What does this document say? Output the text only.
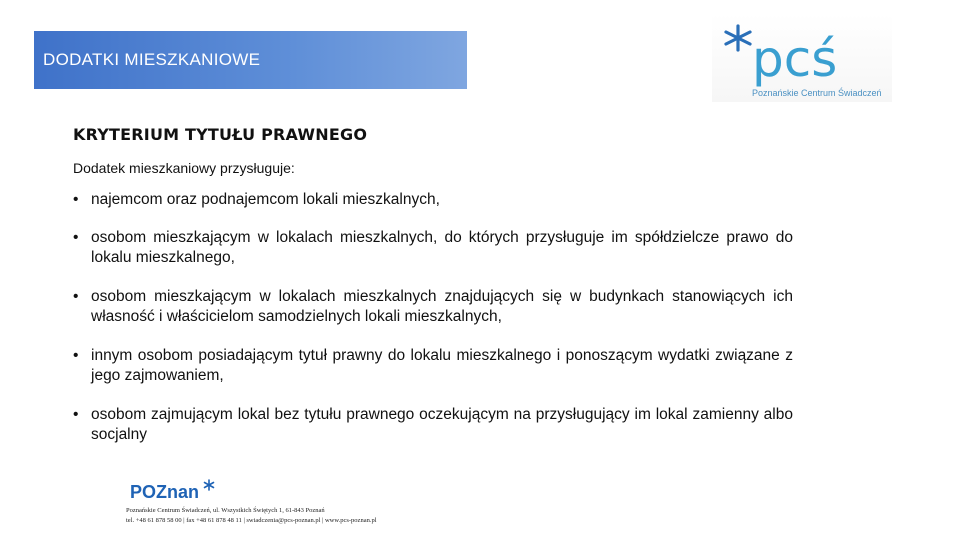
DODATKI MIESZKANIOWE	pcś
Poznańskie Centrum Świadczeń
KRYTERIUM TYTUŁU PRAWNEGO
Dodatek mieszkaniowy przysługuje:
• najemcom oraz podnajemcom lokali mieszkalnych,
• osobom mieszkającym w lokalach mieszkalnych, do których przysługuje im spółdzielcze prawo do lokalu mieszkalnego,
• osobom mieszkającym w lokalach mieszkalnych znajdujących się w budynkach stanowiących ich własność i właścicielom samodzielnych lokali mieszkalnych,
• innym osobom posiadającym tytuł prawny do lokalu mieszkalnego i ponoszącym wydatki związane z jego zajmowaniem,
• osobom zajmującym lokal bez tytułu prawnego oczekującym na przysługujący im lokal zamienny albo socjalny
POZnan
Poznańskie Centrum Świadczeń, ul. Wszystkich Świętych 1, 61-843 Poznań
tel. +48 61 878 58 00 | fax +48 61 878 48 11 | swiadczenia@pcs-poznan.pl | www.pcs-poznan.pl
